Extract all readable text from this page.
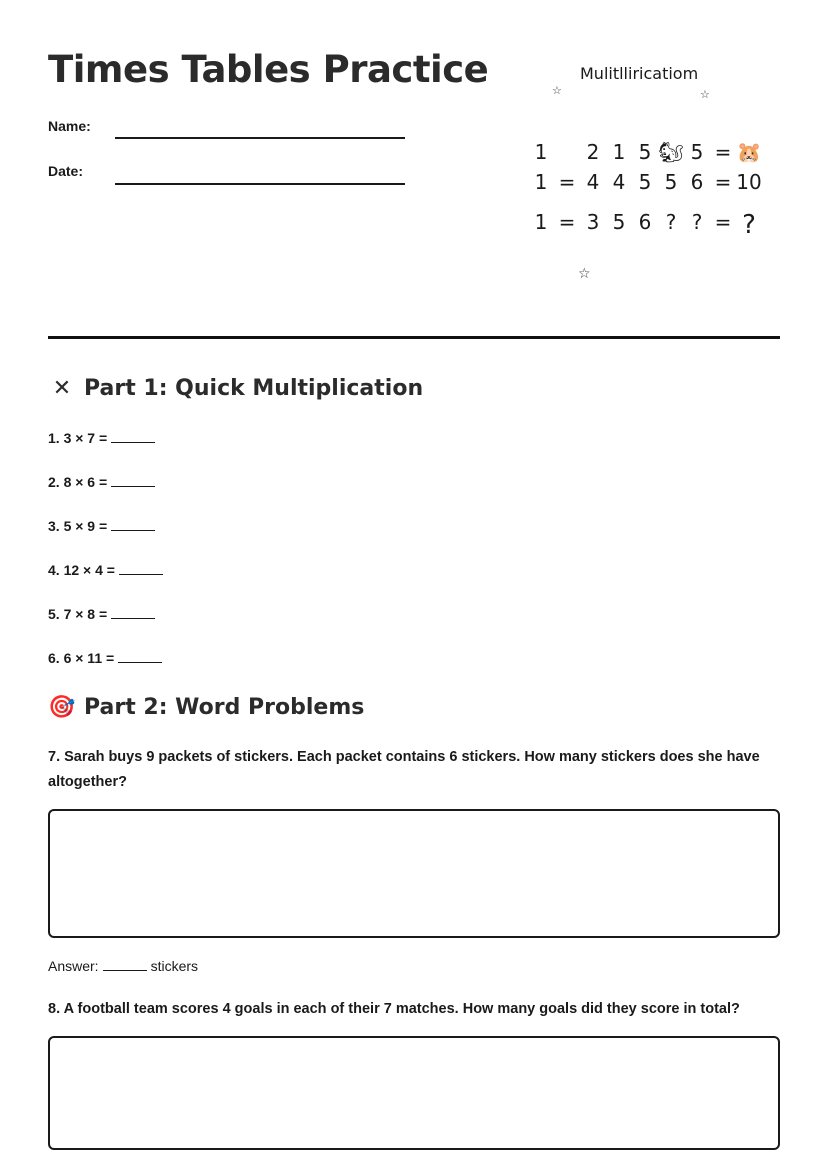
Times Tables Practice
Name:
Date:
Mulitlliricatiom
☆	☆
☆
1	2 1 5 🐿 5 = 🐹
1 = 4 4 5 5 6 = 10
1 = 3 5 6 ? ? = ?
✕ Part 1: Quick Multiplication
1. 3 × 7 =
2. 8 × 6 =
3. 5 × 9 =
4. 12 × 4 =
5. 7 × 8 =
6. 6 × 11 =
🎯 Part 2: Word Problems
7. Sarah buys 9 packets of stickers. Each packet contains 6 stickers. How many stickers does she have altogether?
Answer:	stickers
8. A football team scores 4 goals in each of their 7 matches. How many goals did they score in total?
